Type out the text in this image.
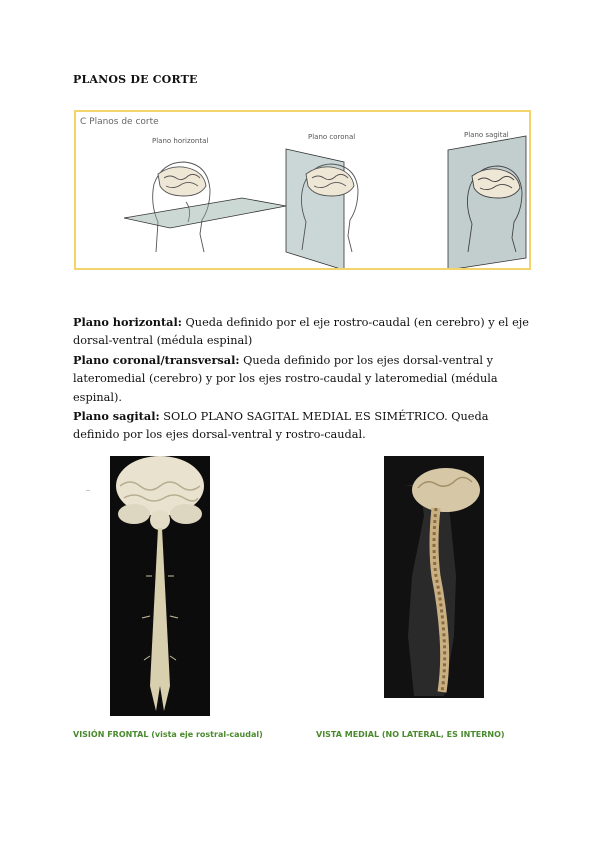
PLANOS DE CORTE
C Planos de corte
Plano horizontal	Plano coronal	Plano sagital

Plano horizontal: Queda definido por el eje rostro-caudal (en cerebro) y el eje dorsal-ventral (médula espinal)

Plano coronal/transversal: Queda definido por los ejes dorsal-ventral y lateromedial (cerebro) y por los ejes rostro-caudal y lateromedial (médula espinal).

Plano sagital: SOLO PLANO SAGITAL MEDIAL ES SIMÉTRICO. Queda definido por los ejes dorsal-ventral y rostro-caudal.

—
VISIÓN FRONTAL (vista eje rostral-caudal)	VISTA MEDIAL (NO LATERAL, ES INTERNO)
